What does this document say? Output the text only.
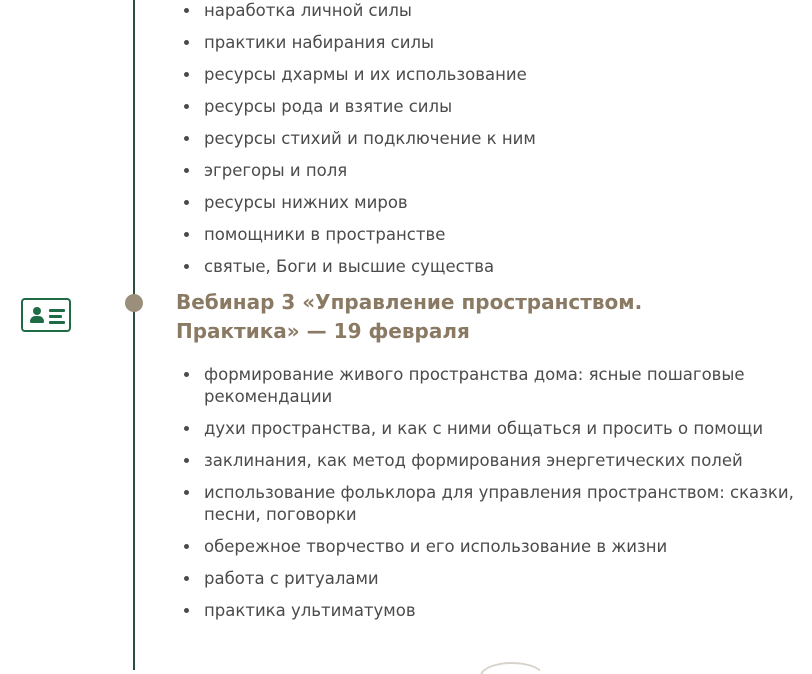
наработка личной силы
практики набирания силы
ресурсы дхармы и их использование
ресурсы рода и взятие силы
ресурсы стихий и подключение к ним
эгрегоры и поля
ресурсы нижних миров
помощники в пространстве
святые, Боги и высшие существа
Вебинар 3 «Управление пространством. Практика» — 19 февраля
формирование живого пространства дома: ясные пошаговые рекомендации
духи пространства, и как с ними общаться и просить о помощи
заклинания, как метод формирования энергетических полей
использование фольклора для управления пространством: сказки, песни, поговорки
обережное творчество и его использование в жизни
работа с ритуалами
практика ультиматумов
